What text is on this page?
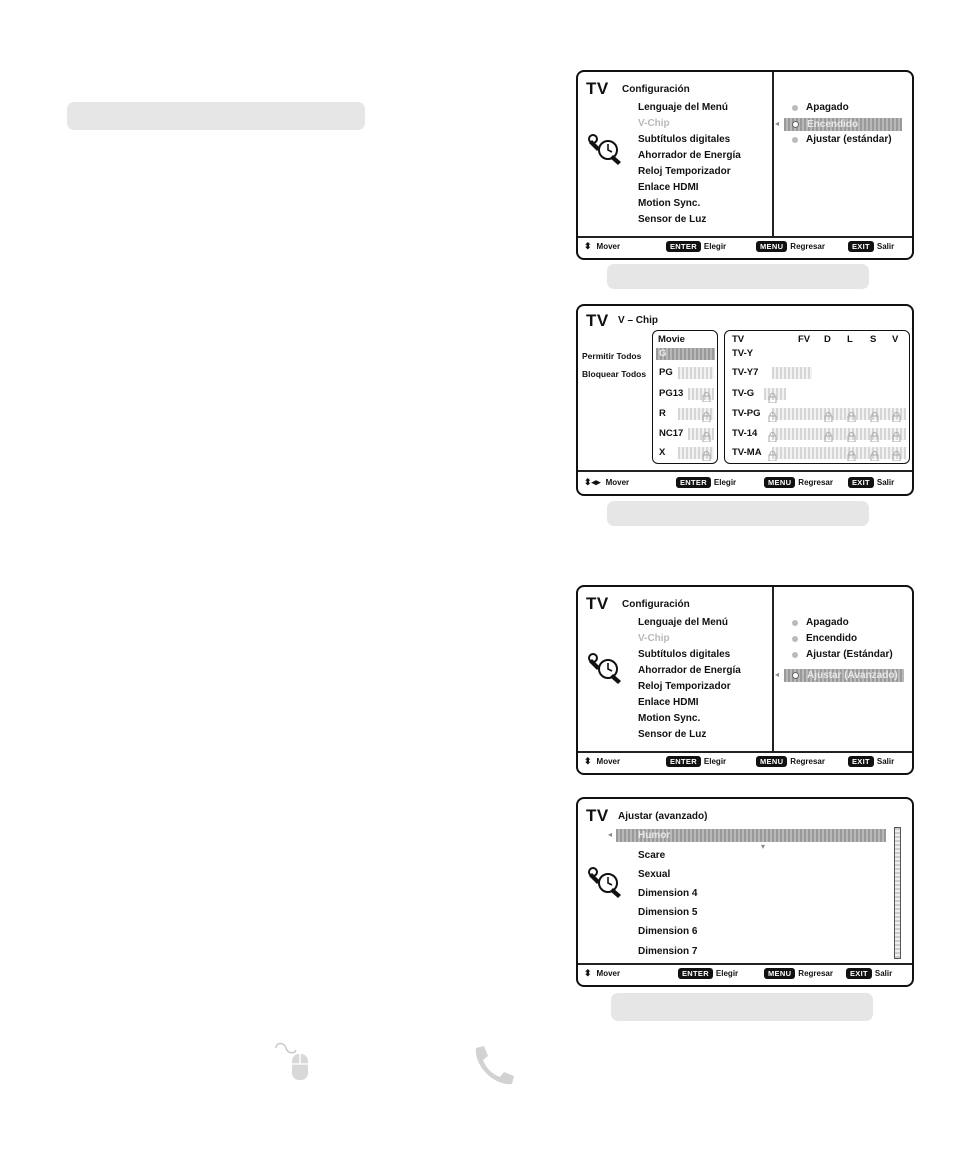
TV Configuración
Lenguaje del Menú
V-Chip
Subtítulos digitales
Ahorrador de Energía
Reloj Temporizador
Enlace HDMI
Motion Sync.
Sensor de Luz
Apagado
Encendido
◂
Ajustar (estándar)
⬍ Mover	ENTER Elegir	MENU Regresar	EXIT Salir
TV V – Chip
Permitir Todos
Bloquear Todos
Movie
G
PG
PG13
R
NC17
X
TV	FV D L S V
TV-Y
TV-Y7
TV-G
TV-PG
TV-14
TV-MA
⬍◂▸ Mover	ENTER Elegir	MENU Regresar	EXIT Salir
TV Configuración
Lenguaje del Menú
V-Chip
Subtítulos digitales
Ahorrador de Energía
Reloj Temporizador
Enlace HDMI
Motion Sync.
Sensor de Luz
Apagado
Encendido
Ajustar (Estándar)
◂	Ajustar (Avanzado)
⬍ Mover	ENTER Elegir	MENU Regresar	EXIT Salir
TV Ajustar (avanzado)
◂	Humor
▾
Scare
Sexual
Dimension 4
Dimension 5
Dimension 6
Dimension 7
⬍ Mover	ENTER Elegir	MENU Regresar	EXIT Salir
